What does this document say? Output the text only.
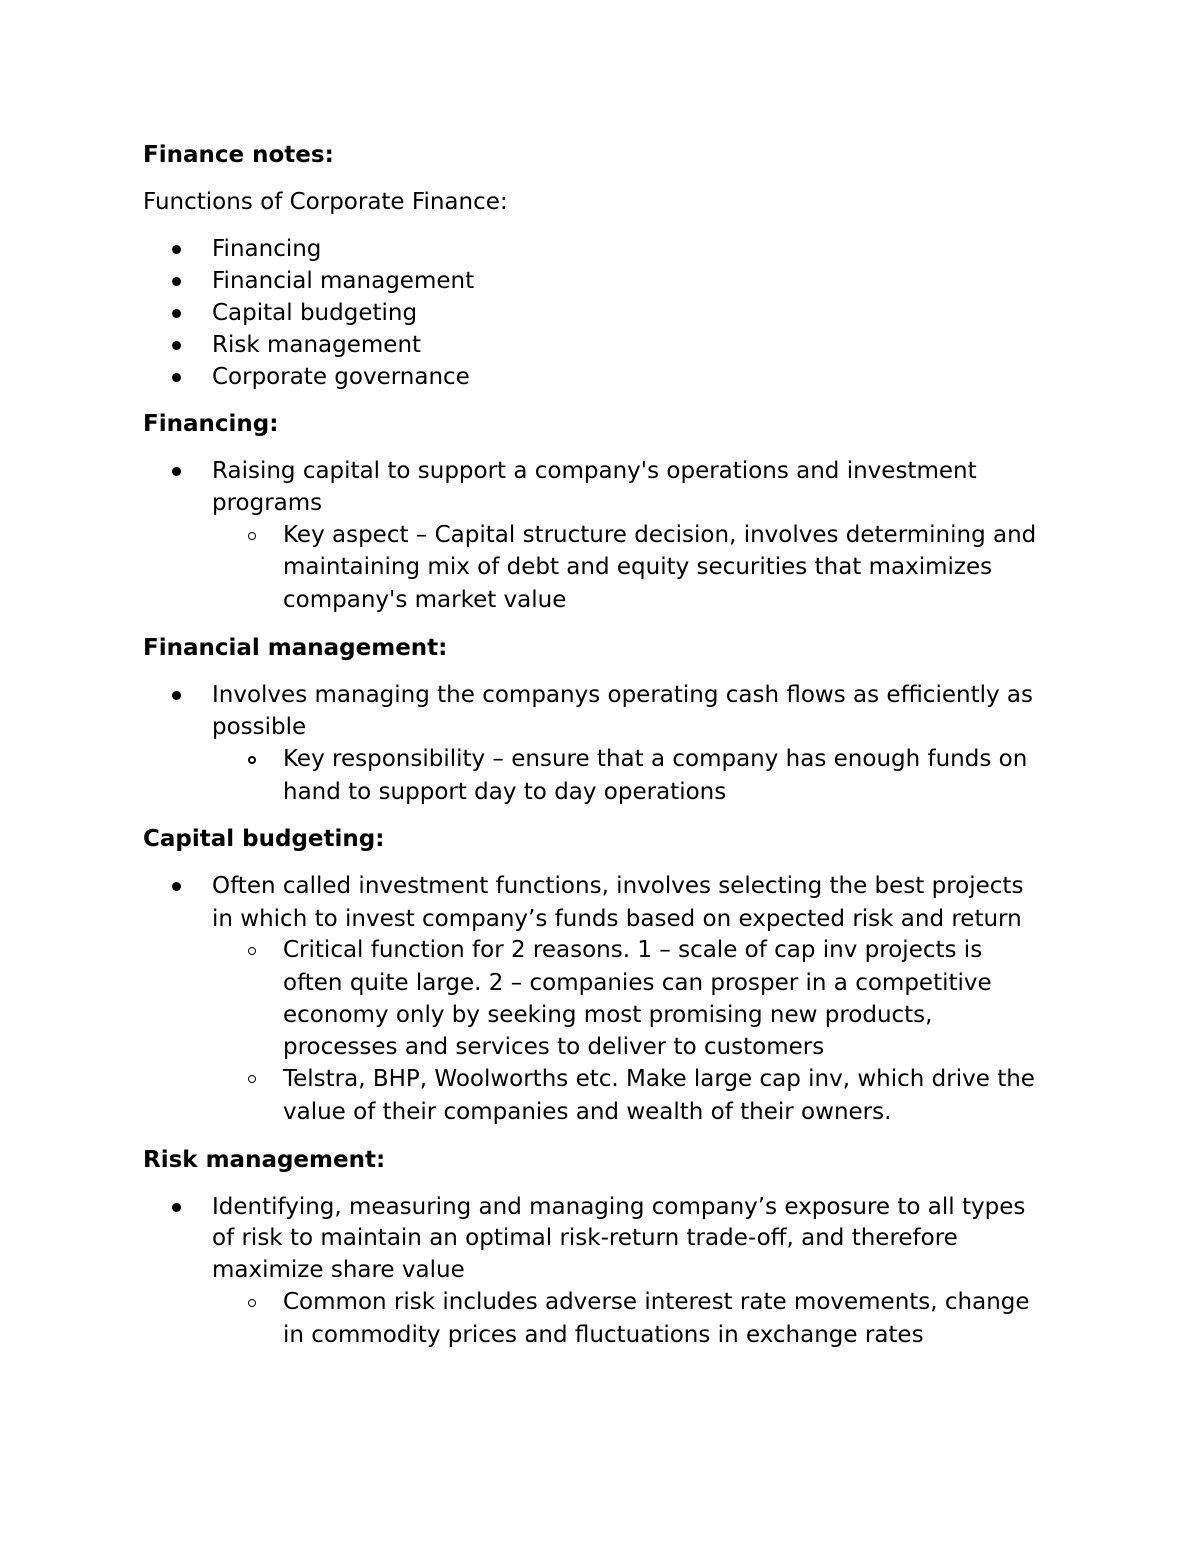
Finance notes:
Functions of Corporate Finance:
Financing
Financial management
Capital budgeting
Risk management
Corporate governance
Financing:
Raising capital to support a company's operations and investment
programs
Key aspect – Capital structure decision, involves determining and
maintaining mix of debt and equity securities that maximizes
company's market value
Financial management:
Involves managing the companys operating cash flows as efficiently as
possible
Key responsibility – ensure that a company has enough funds on
hand to support day to day operations
Capital budgeting:
Often called investment functions, involves selecting the best projects
in which to invest company’s funds based on expected risk and return
Critical function for 2 reasons. 1 – scale of cap inv projects is
often quite large. 2 – companies can prosper in a competitive
economy only by seeking most promising new products,
processes and services to deliver to customers
Telstra, BHP, Woolworths etc. Make large cap inv, which drive the
value of their companies and wealth of their owners.
Risk management:
Identifying, measuring and managing company’s exposure to all types
of risk to maintain an optimal risk-return trade-off, and therefore
maximize share value
Common risk includes adverse interest rate movements, change
in commodity prices and fluctuations in exchange rates
